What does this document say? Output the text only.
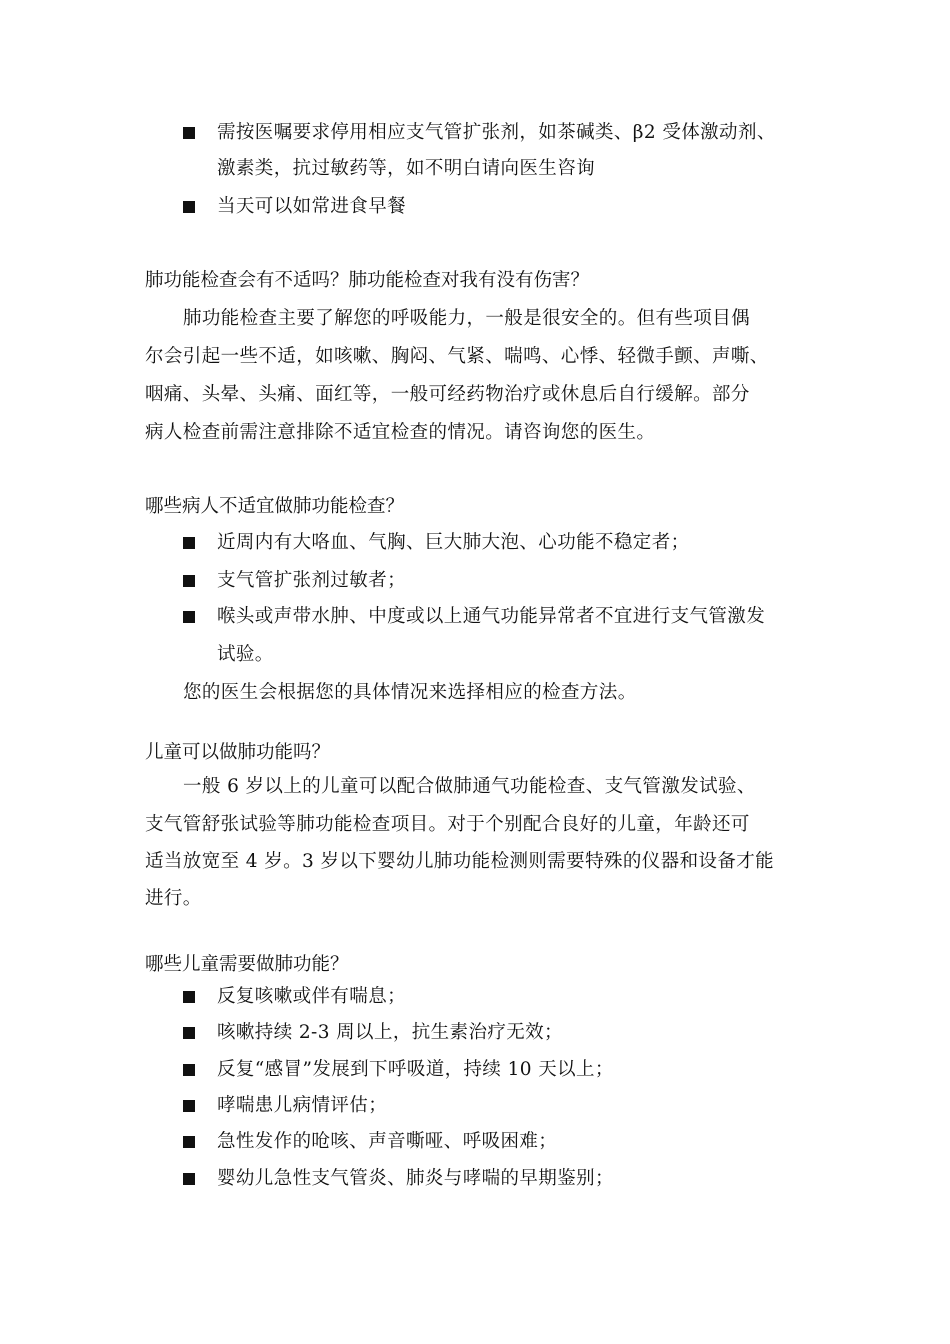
需按医嘱要求停用相应支气管扩张剂，如茶碱类、β2 受体激动剂、
激素类，抗过敏药等，如不明白请向医生咨询
当天可以如常进食早餐
肺功能检查会有不适吗？肺功能检查对我有没有伤害？
肺功能检查主要了解您的呼吸能力，一般是很安全的。但有些项目偶
尔会引起一些不适，如咳嗽、胸闷、气紧、喘鸣、心悸、轻微手颤、声嘶、
咽痛、头晕、头痛、面红等，一般可经药物治疗或休息后自行缓解。部分
病人检查前需注意排除不适宜检查的情况。请咨询您的医生。
哪些病人不适宜做肺功能检查？
近周内有大咯血、气胸、巨大肺大泡、心功能不稳定者；
支气管扩张剂过敏者；
喉头或声带水肿、中度或以上通气功能异常者不宜进行支气管激发
试验。
您的医生会根据您的具体情况来选择相应的检查方法。
儿童可以做肺功能吗？
一般 6 岁以上的儿童可以配合做肺通气功能检查、支气管激发试验、
支气管舒张试验等肺功能检查项目。对于个别配合良好的儿童，年龄还可
适当放宽至 4 岁。3 岁以下婴幼儿肺功能检测则需要特殊的仪器和设备才能
进行。
哪些儿童需要做肺功能？
反复咳嗽或伴有喘息；
咳嗽持续 2-3 周以上，抗生素治疗无效；
反复“感冒”发展到下呼吸道，持续 10 天以上；
哮喘患儿病情评估；
急性发作的呛咳、声音嘶哑、呼吸困难；
婴幼儿急性支气管炎、肺炎与哮喘的早期鉴别；
